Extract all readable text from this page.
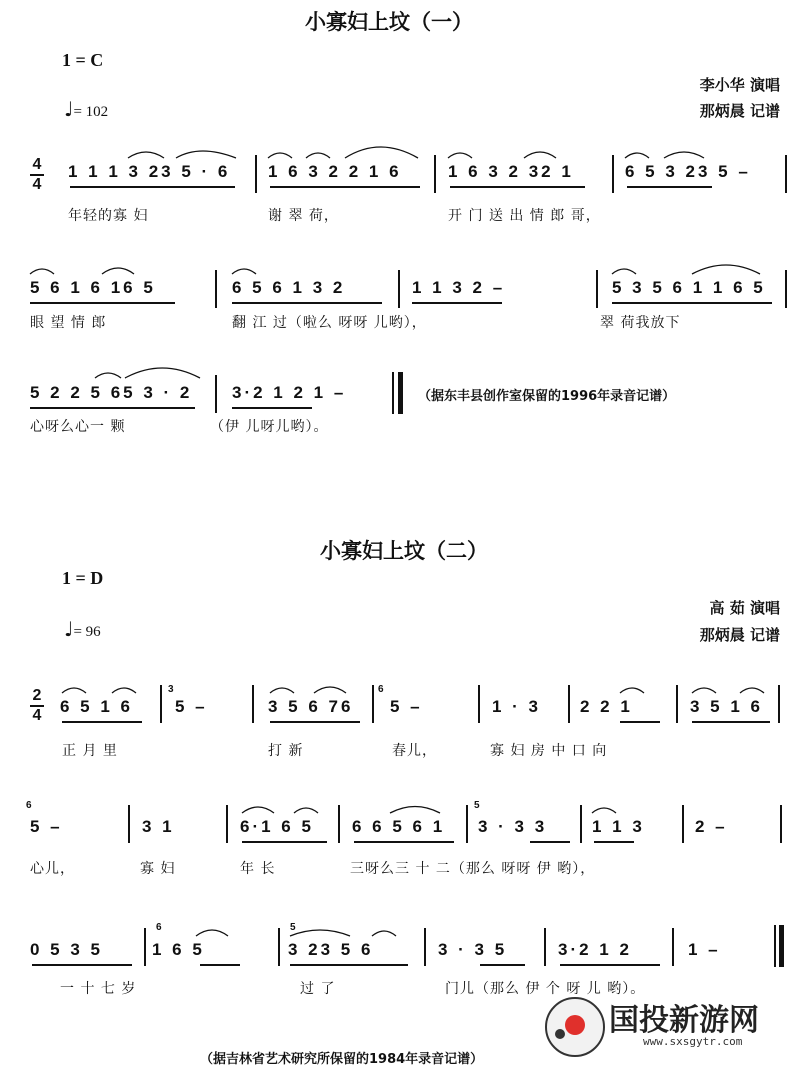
小寡妇上坟（一）
1 = C
李小华 演唱
那炳晨 记谱
♩= 102
4
4
1 1 1 3 23 5 · 6 1 6 3 2 2 1 6	1 6 3 2 32 1	6 5 3 23 5 –
年轻的寡 妇	谢 翠 荷，	开 门 送 出 情 郎 哥，
5 6 1 6 16 5	6 5 6 1 3 2	1 1 3 2 –	5 3 5 6 1 1 6 5
眼 望 情 郎	翻 江 过（啦么 呀呀 儿哟），	翠 荷我放下
5 2 2 5 65 3 · 2 3·2 1 2 1 –	（据东丰县创作室保留的1996年录音记谱）
心呀么心一 颗	（伊 儿呀儿哟）。
小寡妇上坟（二）
1 = D
高 茹 演唱
那炳晨 记谱
♩= 96
2
4 6 5 1 6 5 –	3 5 6 76 5 –	1 · 3 2 2 1	3 5 1 6
3	6
正 月 里	打 新	春儿，	寡 妇 房 中 口 向
5 –	3 1	6·1 6 5 6 6 5 6 1 3 · 3 3	1 1 3	2 –
6	5
心儿，	寡 妇	年 长	三呀么三 十 二（那么 呀呀 伊 哟），
0 5 3 5	1 6 5	3 23 5 6	3 · 3 5	3·2 1 2	1 –
6	5
一 十 七 岁	过 了	门儿（那么 伊 个 呀 儿 哟）。
（据吉林省艺术研究所保留的1984年录音记谱）
国投新游网
www.sxsgytr.com
